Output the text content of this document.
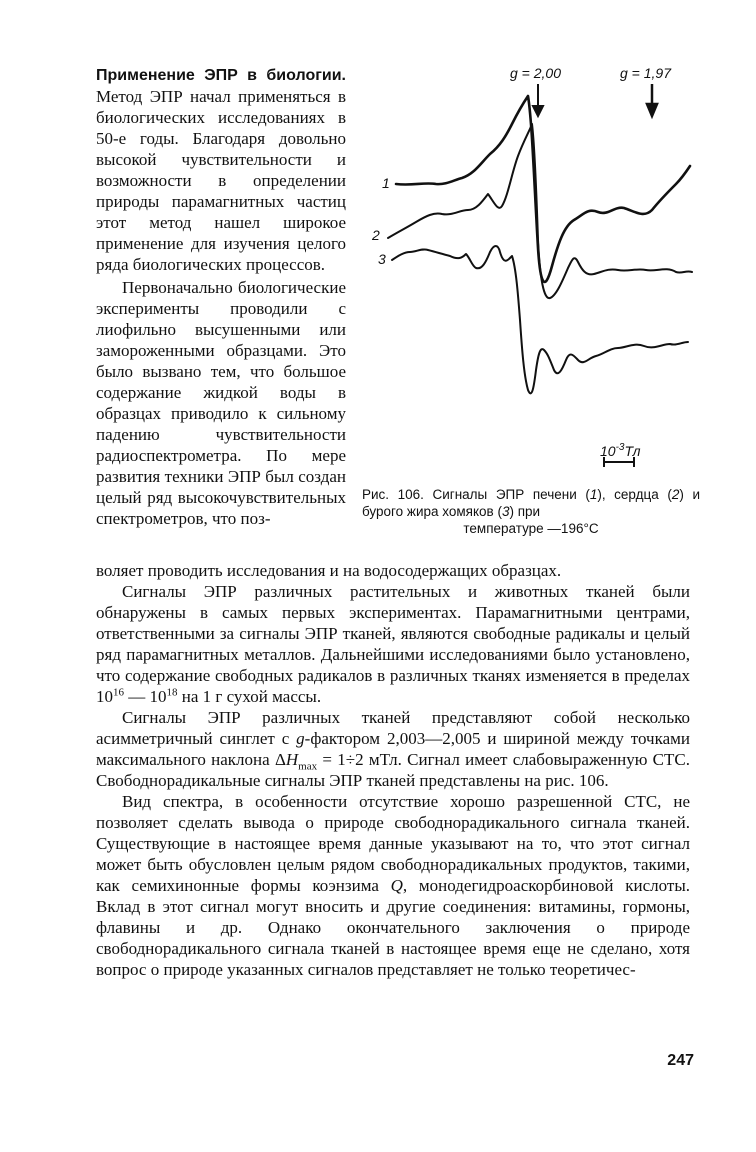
Применение ЭПР в биологии. Метод ЭПР начал применяться в биологических исследованиях в 50-е годы. Благодаря довольно высокой чувствительности и возможности в определении природы парамагнитных частиц этот метод нашел широкое применение для изучения целого ряда биологических процессов.

Первоначально биологические эксперименты проводили с лиофильно высушенными или замороженными образцами. Это было вызвано тем, что большое содержание жидкой воды в образцах приводило к сильному падению чувствительности радиоспектрометра. По мере развития техники ЭПР был создан целый ряд высокочувствительных спектрометров, что поз-

g = 2,00	g = 1,97
1
2
3
$10^{-3}Тл$
Рис. 106. Сигналы ЭПР печени (1), сердца (2) и бурого жира хомяков (3) при
температуре —196°C

воляет проводить исследования и на водосодержащих образцах.

Сигналы ЭПР различных растительных и животных тканей были обнаружены в самых первых экспериментах. Парамагнитными центрами, ответственными за сигналы ЭПР тканей, являются свободные радикалы и целый ряд парамагнитных металлов. Дальнейшими исследованиями было установлено, что содержание свободных радикалов в различных тканях изменяется в пределах $10^{16}$ — $10^{18}$ на 1 г сухой массы.

Сигналы ЭПР различных тканей представляют собой несколько асимметричный синглет с g-фактором 2,003—2,005 и шириной между точками максимального наклона $\Delta H_{max} = 1\div 2$ мТл. Сигнал имеет слабовыраженную СТС. Свободнорадикальные сигналы ЭПР тканей представлены на рис. 106.

Вид спектра, в особенности отсутствие хорошо разрешенной СТС, не позволяет сделать вывода о природе свободнорадикального сигнала тканей. Существующие в настоящее время данные указывают на то, что этот сигнал может быть обусловлен целым рядом свободнорадикальных продуктов, такими, как семихинонные формы коэнзима Q, монодегидроаскорбиновой кислоты. Вклад в этот сигнал могут вносить и другие соединения: витамины, гормоны, флавины и др. Однако окончательного заключения о природе свободнорадикального сигнала тканей в настоящее время еще не сделано, хотя вопрос о природе указанных сигналов представляет не только теоретичес-

247
